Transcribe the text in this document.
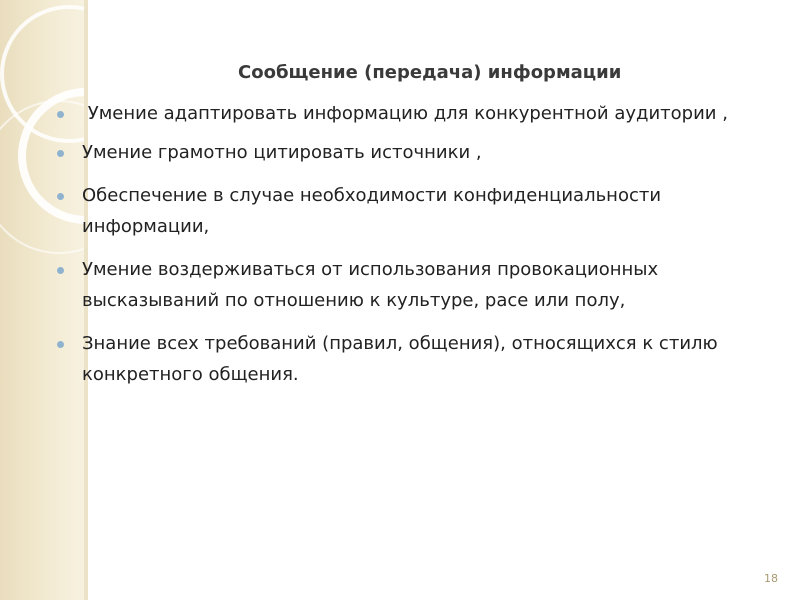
Сообщение (передача) информации
Умение адаптировать информацию для конкурентной аудитории ,
Умение грамотно цитировать источники ,
Обеспечение в случае необходимости конфиденциальности информации,
Умение воздерживаться от использования провокационных высказываний по отношению к культуре, расе или полу,
Знание всех требований (правил, общения), относящихся к стилю конкретного общения.
18
